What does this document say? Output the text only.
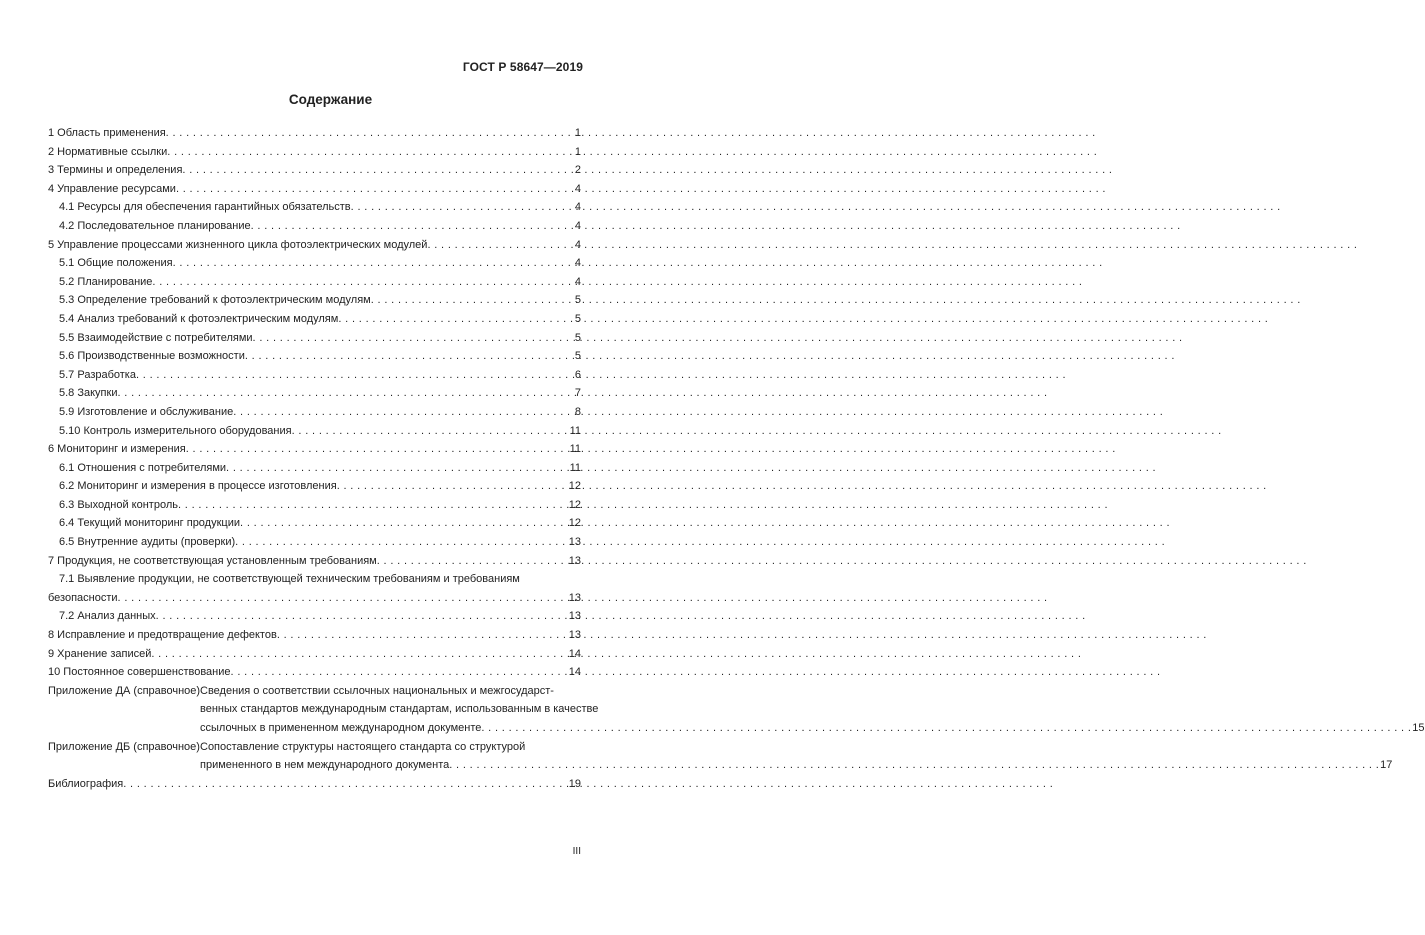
ГОСТ Р 58647—2019
Содержание
1 Область применения . . .	1
2 Нормативные ссылки . . .	1
3 Термины и определения . . .	2
4 Управление ресурсами . . .	4
4.1 Ресурсы для обеспечения гарантийных обязательств . . .	4
4.2 Последовательное планирование . . .	4
5 Управление процессами жизненного цикла фотоэлектрических модулей . . .	4
5.1 Общие положения . . .	4
5.2 Планирование . . .	4
5.3 Определение требований к фотоэлектрическим модулям . . .	5
5.4 Анализ требований к фотоэлектрическим модулям . . .	5
5.5 Взаимодействие с потребителями . . .	5
5.6 Производственные возможности . . .	5
5.7 Разработка . . .	6
5.8 Закупки . . .	7
5.9 Изготовление и обслуживание . . .	8
5.10 Контроль измерительного оборудования . . .	11
6 Мониторинг и измерения . . .	11
6.1 Отношения с потребителями . . .	11
6.2 Мониторинг и измерения в процессе изготовления . . .	12
6.3 Выходной контроль . . .	12
6.4 Текущий мониторинг продукции . . .	12
6.5 Внутренние аудиты (проверки) . . .	13
7 Продукция, не соответствующая установленным требованиям . . .	13
7.1 Выявление продукции, не соответствующей техническим требованиям и требованиям
безопасности . . .	13
7.2 Анализ данных . . .	13
8 Исправление и предотвращение дефектов . . .	13
9 Хранение записей . . .	14
10 Постоянное совершенствование . . .	14
Приложение ДА (справочное) Сведения о соответствии ссылочных национальных и межгосударст-
венных стандартов международным стандартам, использованным в качестве
ссылочных в примененном международном документе . . .	15
Приложение ДБ (справочное) Сопоставление структуры настоящего стандарта со структурой
примененного в нем международного документа . . .	17
Библиография . . .	19
III
